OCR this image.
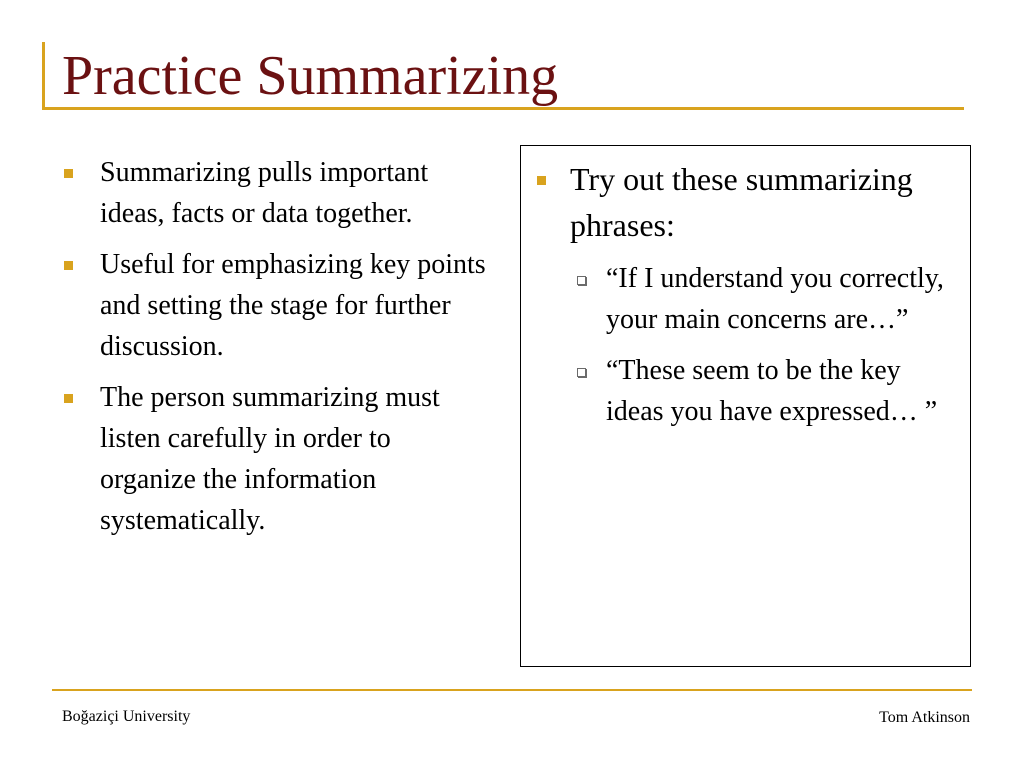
Practice Summarizing
Summarizing pulls important ideas, facts or data together.
Useful for emphasizing key points and setting the stage for further discussion.
The person summarizing must listen carefully in order to organize the information systematically.
Try out these summarizing phrases:
“If I understand you correctly, your main concerns are…”
“These seem to be the key ideas you have expressed… ”
Boğaziçi University	Tom Atkinson
